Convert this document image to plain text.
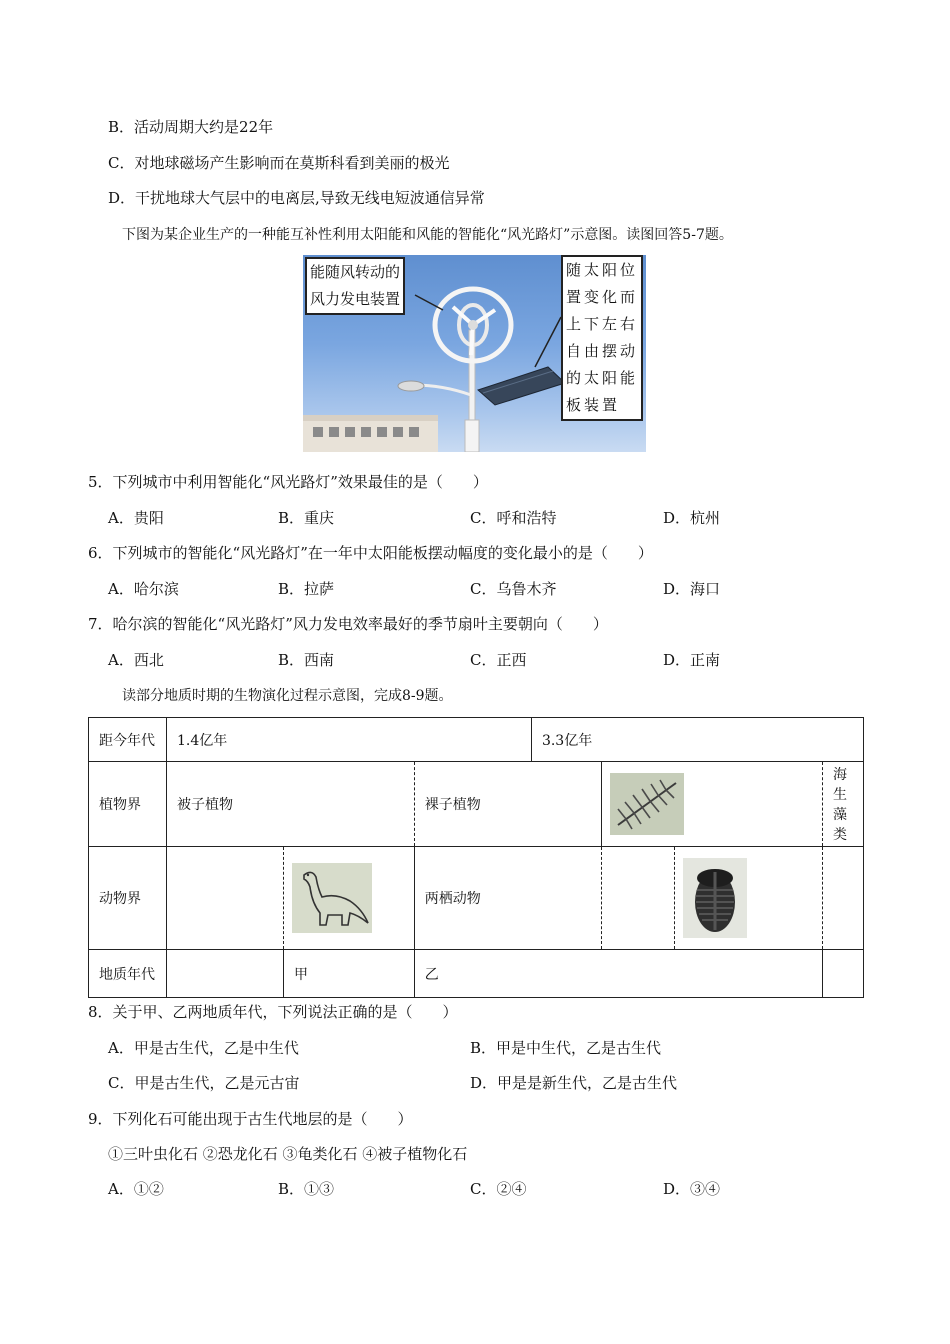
B．活动周期大约是22年
C．对地球磁场产生影响而在莫斯科看到美丽的极光
D．干扰地球大气层中的电离层,导致无线电短波通信异常
下图为某企业生产的一种能互补性利用太阳能和风能的智能化“风光路灯”示意图。读图回答5-7题。
能随风转动的
风力发电装置
随太阳位
置变化而
上下左右
自由摆动
的太阳能
板装置
5．下列城市中利用智能化“风光路灯”效果最佳的是（　　）
A．贵阳	B．重庆	C．呼和浩特	D．杭州
6．下列城市的智能化“风光路灯”在一年中太阳能板摆动幅度的变化最小的是（　　）
A．哈尔滨	B．拉萨	C．乌鲁木齐	D．海口
7．哈尔滨的智能化“风光路灯”风力发电效率最好的季节扇叶主要朝向（　　）
A．西北	B．西南	C．正西	D．正南
读部分地质时期的生物演化过程示意图，完成8-9题。
距今年代	1.4亿年			3.3亿年			
植物界	被子植物		裸子植物				海生藻类
动物界			两栖动物		

地质年代		甲	乙				
8．关于甲、乙两地质年代，下列说法正确的是（　　）
A．甲是古生代，乙是中生代	B．甲是中生代，乙是古生代
C．甲是古生代，乙是元古宙	D．甲是是新生代，乙是古生代
9．下列化石可能出现于古生代地层的是（　　）
①三叶虫化石 ②恐龙化石 ③龟类化石 ④被子植物化石
A．①②	B．①③	C．②④	D．③④
